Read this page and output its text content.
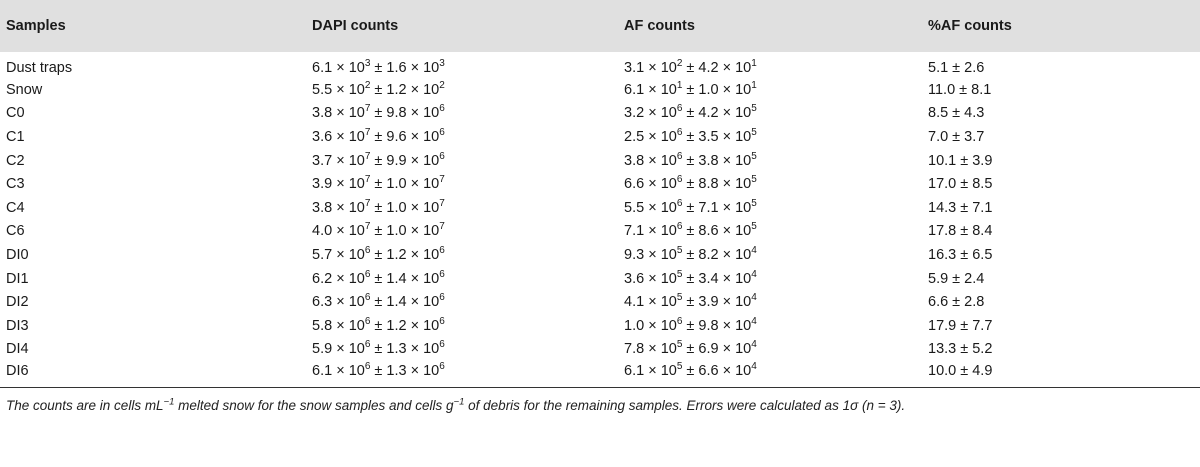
Samples	DAPI counts	AF counts	%AF counts
Dust traps	$6.1 \times 10^3 \pm 1.6 \times 10^3$	$3.1 \times 10^2 \pm 4.2 \times 10^1$	5.1 ± 2.6
Snow	$5.5 \times 10^2 \pm 1.2 \times 10^2$	$6.1 \times 10^1 \pm 1.0 \times 10^1$	11.0 ± 8.1
C0	$3.8 \times 10^7 \pm 9.8 \times 10^6$	$3.2 \times 10^6 \pm 4.2 \times 10^5$	8.5 ± 4.3
C1	$3.6 \times 10^7 \pm 9.6 \times 10^6$	$2.5 \times 10^6 \pm 3.5 \times 10^5$	7.0 ± 3.7
C2	$3.7 \times 10^7 \pm 9.9 \times 10^6$	$3.8 \times 10^6 \pm 3.8 \times 10^5$	10.1 ± 3.9
C3	$3.9 \times 10^7 \pm 1.0 \times 10^7$	$6.6 \times 10^6 \pm 8.8 \times 10^5$	17.0 ± 8.5
C4	$3.8 \times 10^7 \pm 1.0 \times 10^7$	$5.5 \times 10^6 \pm 7.1 \times 10^5$	14.3 ± 7.1
C6	$4.0 \times 10^7 \pm 1.0 \times 10^7$	$7.1 \times 10^6 \pm 8.6 \times 10^5$	17.8 ± 8.4
DI0	$5.7 \times 10^6 \pm 1.2 \times 10^6$	$9.3 \times 10^5 \pm 8.2 \times 10^4$	16.3 ± 6.5
DI1	$6.2 \times 10^6 \pm 1.4 \times 10^6$	$3.6 \times 10^5 \pm 3.4 \times 10^4$	5.9 ± 2.4
DI2	$6.3 \times 10^6 \pm 1.4 \times 10^6$	$4.1 \times 10^5 \pm 3.9 \times 10^4$	6.6 ± 2.8
DI3	$5.8 \times 10^6 \pm 1.2 \times 10^6$	$1.0 \times 10^6 \pm 9.8 \times 10^4$	17.9 ± 7.7
DI4	$5.9 \times 10^6 \pm 1.3 \times 10^6$	$7.8 \times 10^5 \pm 6.9 \times 10^4$	13.3 ± 5.2
DI6	$6.1 \times 10^6 \pm 1.3 \times 10^6$	$6.1 \times 10^5 \pm 6.6 \times 10^4$	10.0 ± 4.9

The counts are in cells $mL^{-1}$ melted snow for the snow samples and cells $g^{-1}$ of debris for the remaining samples. Errors were calculated as 1σ (n = 3).
